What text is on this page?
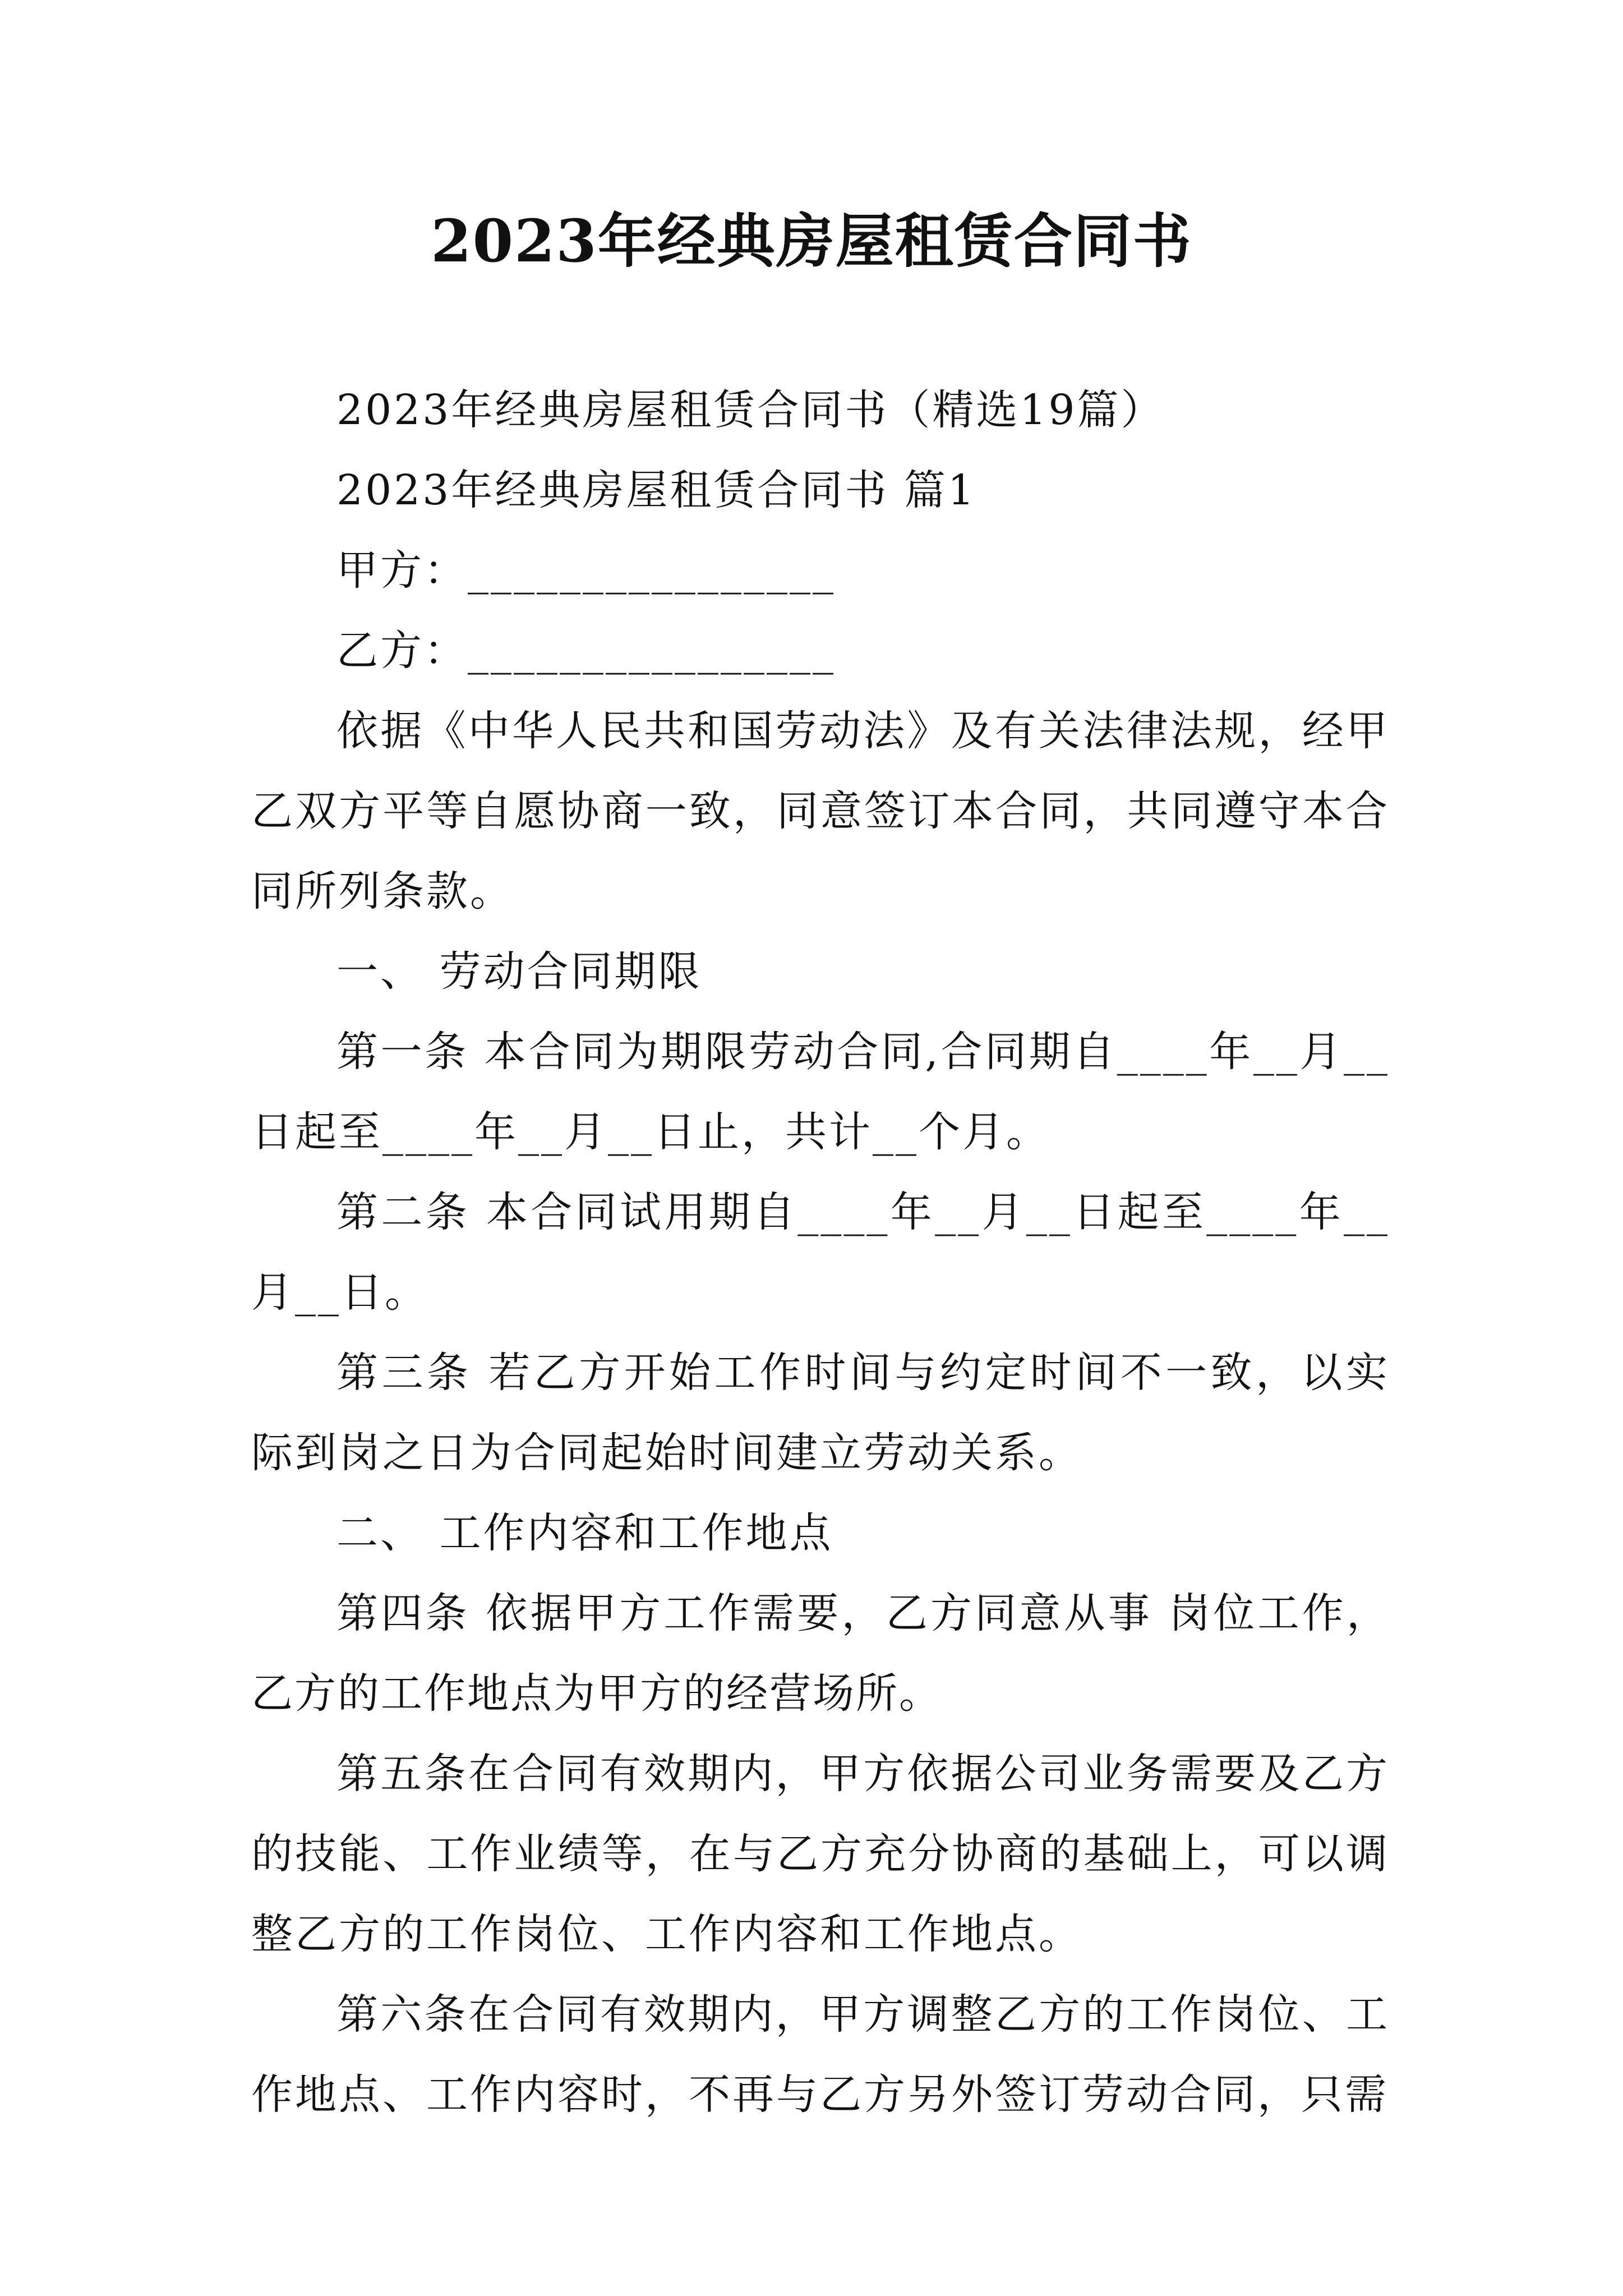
2023年经典房屋租赁合同书

2023年经典房屋租赁合同书（精选19篇）

2023年经典房屋租赁合同书 篇1

甲方：________________

乙方：________________

依据《中华人民共和国劳动法》及有关法律法规，经甲乙双方平等自愿协商一致，同意签订本合同，共同遵守本合同所列条款。

一、 劳动合同期限

第一条 本合同为期限劳动合同,合同期自____年__月__日起至____年__月__日止，共计__个月。

第二条 本合同试用期自____年__月__日起至____年__月__日。

第三条 若乙方开始工作时间与约定时间不一致，以实际到岗之日为合同起始时间建立劳动关系。

二、 工作内容和工作地点

第四条 依据甲方工作需要，乙方同意从事 岗位工作，乙方的工作地点为甲方的经营场所。

第五条在合同有效期内，甲方依据公司业务需要及乙方的技能、工作业绩等，在与乙方充分协商的基础上，可以调整乙方的工作岗位、工作内容和工作地点。

第六条在合同有效期内，甲方调整乙方的工作岗位、工作地点、工作内容时，不再与乙方另外签订劳动合同，只需
